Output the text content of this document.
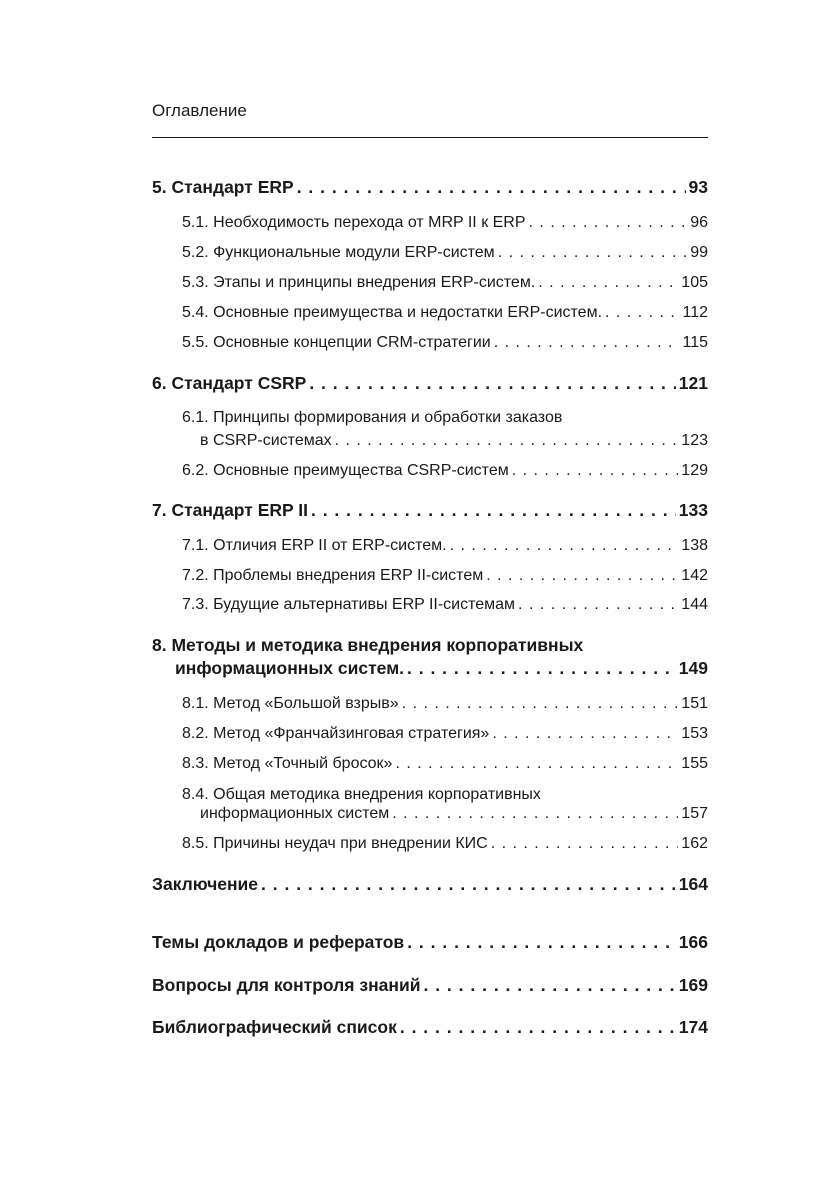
Оглавление
5. Стандарт ERP . . .	93
5.1. Необходимость перехода от MRP II к ERP . . .	96
5.2. Функциональные модули ERP-систем . . .	99
5.3. Этапы и принципы внедрения ERP-систем. . . .	105
5.4. Основные преимущества и недостатки ERP-систем. . . .	112
5.5. Основные концепции CRM-стратегии . . .	115
6. Стандарт CSRP . . .	121
6.1. Принципы формирования и обработки заказов
в CSRP-системах . . .	123
6.2. Основные преимущества CSRP-систем . . .	129
7. Стандарт ERP II . . .	133
7.1. Отличия ERP II от ERP-систем. . . .	138
7.2. Проблемы внедрения ERP II-систем . . .	142
7.3. Будущие альтернативы ERP II-системам . . .	144
8. Методы и методика внедрения корпоративных
информационных систем. . . .	149
8.1. Метод «Большой взрыв» . . .	151
8.2. Метод «Франчайзинговая стратегия» . . .	153
8.3. Метод «Точный бросок» . . .	155
8.4. Общая методика внедрения корпоративных
информационных систем . . .	157
8.5. Причины неудач при внедрении КИС . . .	162
Заключение . . .	164
Темы докладов и рефератов . . .	166
Вопросы для контроля знаний . . .	169
Библиографический список . . .	174
